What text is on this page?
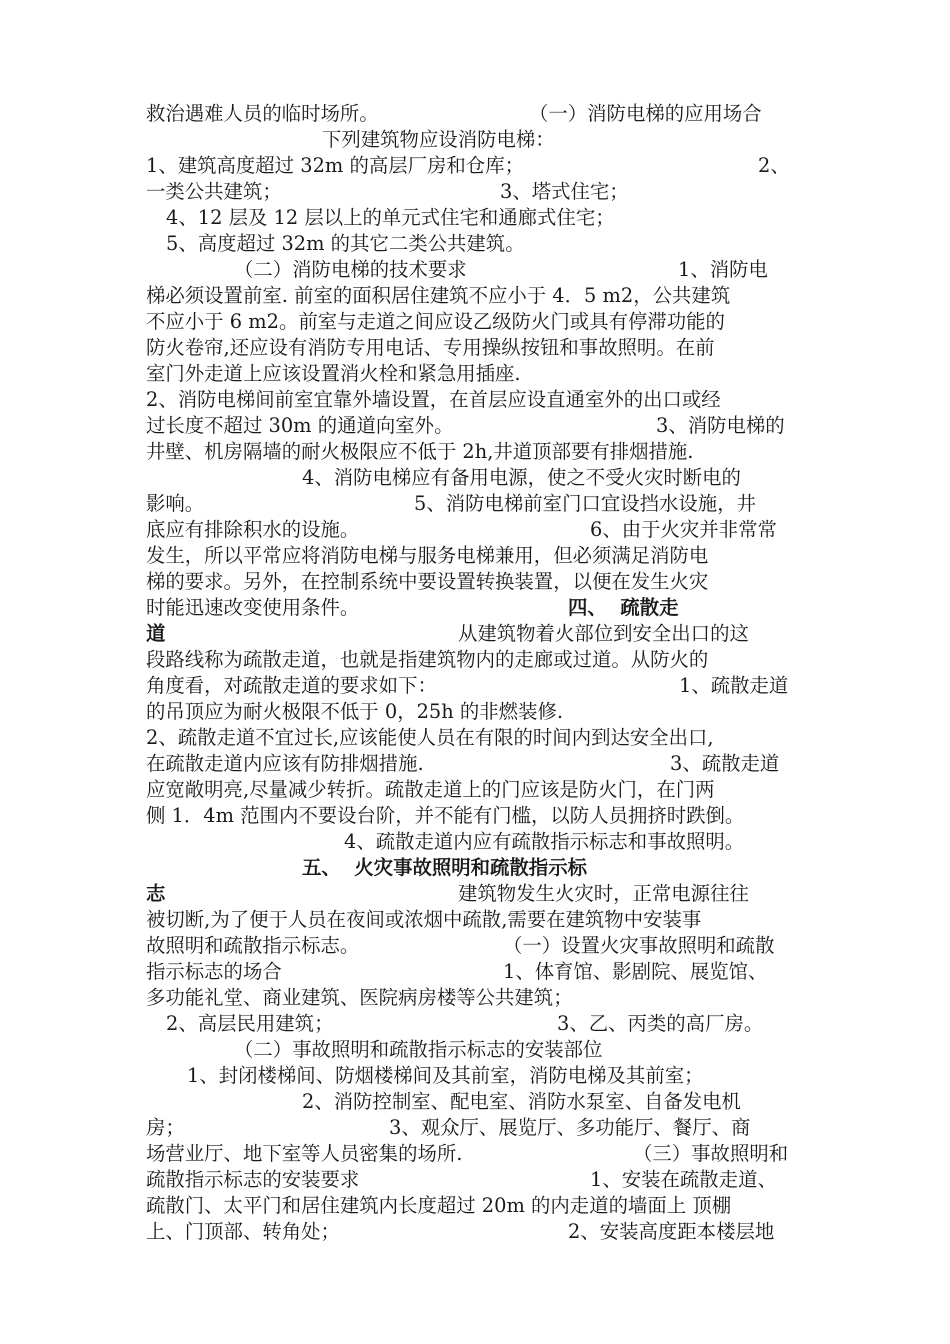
救治遇难人员的临时场所。	（一）消防电梯的应用场合
下列建筑物应设消防电梯：
1、建筑高度超过 32m 的高层厂房和仓库；	2、
一类公共建筑；	3、塔式住宅；
4、12 层及 12 层以上的单元式住宅和通廊式住宅；
5、高度超过 32m 的其它二类公共建筑。
（二）消防电梯的技术要求	1、消防电
梯必须设置前室. 前室的面积居住建筑不应小于 4．5 m2，公共建筑
不应小于 6 m2。前室与走道之间应设乙级防火门或具有停滞功能的
防火卷帘,还应设有消防专用电话、专用操纵按钮和事故照明。在前
室门外走道上应该设置消火栓和紧急用插座.
2、消防电梯间前室宜靠外墙设置，在首层应设直通室外的出口或经
过长度不超过 30m 的通道向室外。	3、消防电梯的
井壁、机房隔墙的耐火极限应不低于 2h,井道顶部要有排烟措施.
4、消防电梯应有备用电源，使之不受火灾时断电的
影响。	5、消防电梯前室门口宜设挡水设施，井
底应有排除积水的设施。	6、由于火灾并非常常
发生，所以平常应将消防电梯与服务电梯兼用，但必须满足消防电
梯的要求。另外，在控制系统中要设置转换装置，以便在发生火灾
时能迅速改变使用条件。	四、  疏散走
道	从建筑物着火部位到安全出口的这
段路线称为疏散走道，也就是指建筑物内的走廊或过道。从防火的
角度看，对疏散走道的要求如下：	1、疏散走道
的吊顶应为耐火极限不低于 0，25h 的非燃装修.
2、疏散走道不宜过长,应该能使人员在有限的时间内到达安全出口,
在疏散走道内应该有防排烟措施.	3、疏散走道
应宽敞明亮,尽量减少转折。疏散走道上的门应该是防火门，在门两
侧 1．4m 范围内不要设台阶，并不能有门槛，以防人员拥挤时跌倒。
4、疏散走道内应有疏散指示标志和事故照明。
五、  火灾事故照明和疏散指示标
志	建筑物发生火灾时，正常电源往往
被切断,为了便于人员在夜间或浓烟中疏散,需要在建筑物中安装事
故照明和疏散指示标志。	（一）设置火灾事故照明和疏散
指示标志的场合	1、体育馆、影剧院、展览馆、
多功能礼堂、商业建筑、医院病房楼等公共建筑；
2、高层民用建筑；	3、乙、丙类的高厂房。
（二）事故照明和疏散指示标志的安装部位
1、封闭楼梯间、防烟楼梯间及其前室，消防电梯及其前室；
2、消防控制室、配电室、消防水泵室、自备发电机
房；	3、观众厅、展览厅、多功能厅、餐厅、商
场营业厅、地下室等人员密集的场所.	（三）事故照明和
疏散指示标志的安装要求	1、安装在疏散走道、
疏散门、太平门和居住建筑内长度超过 20m 的内走道的墙面上 顶棚
上、门顶部、转角处；	2、安装高度距本楼层地
